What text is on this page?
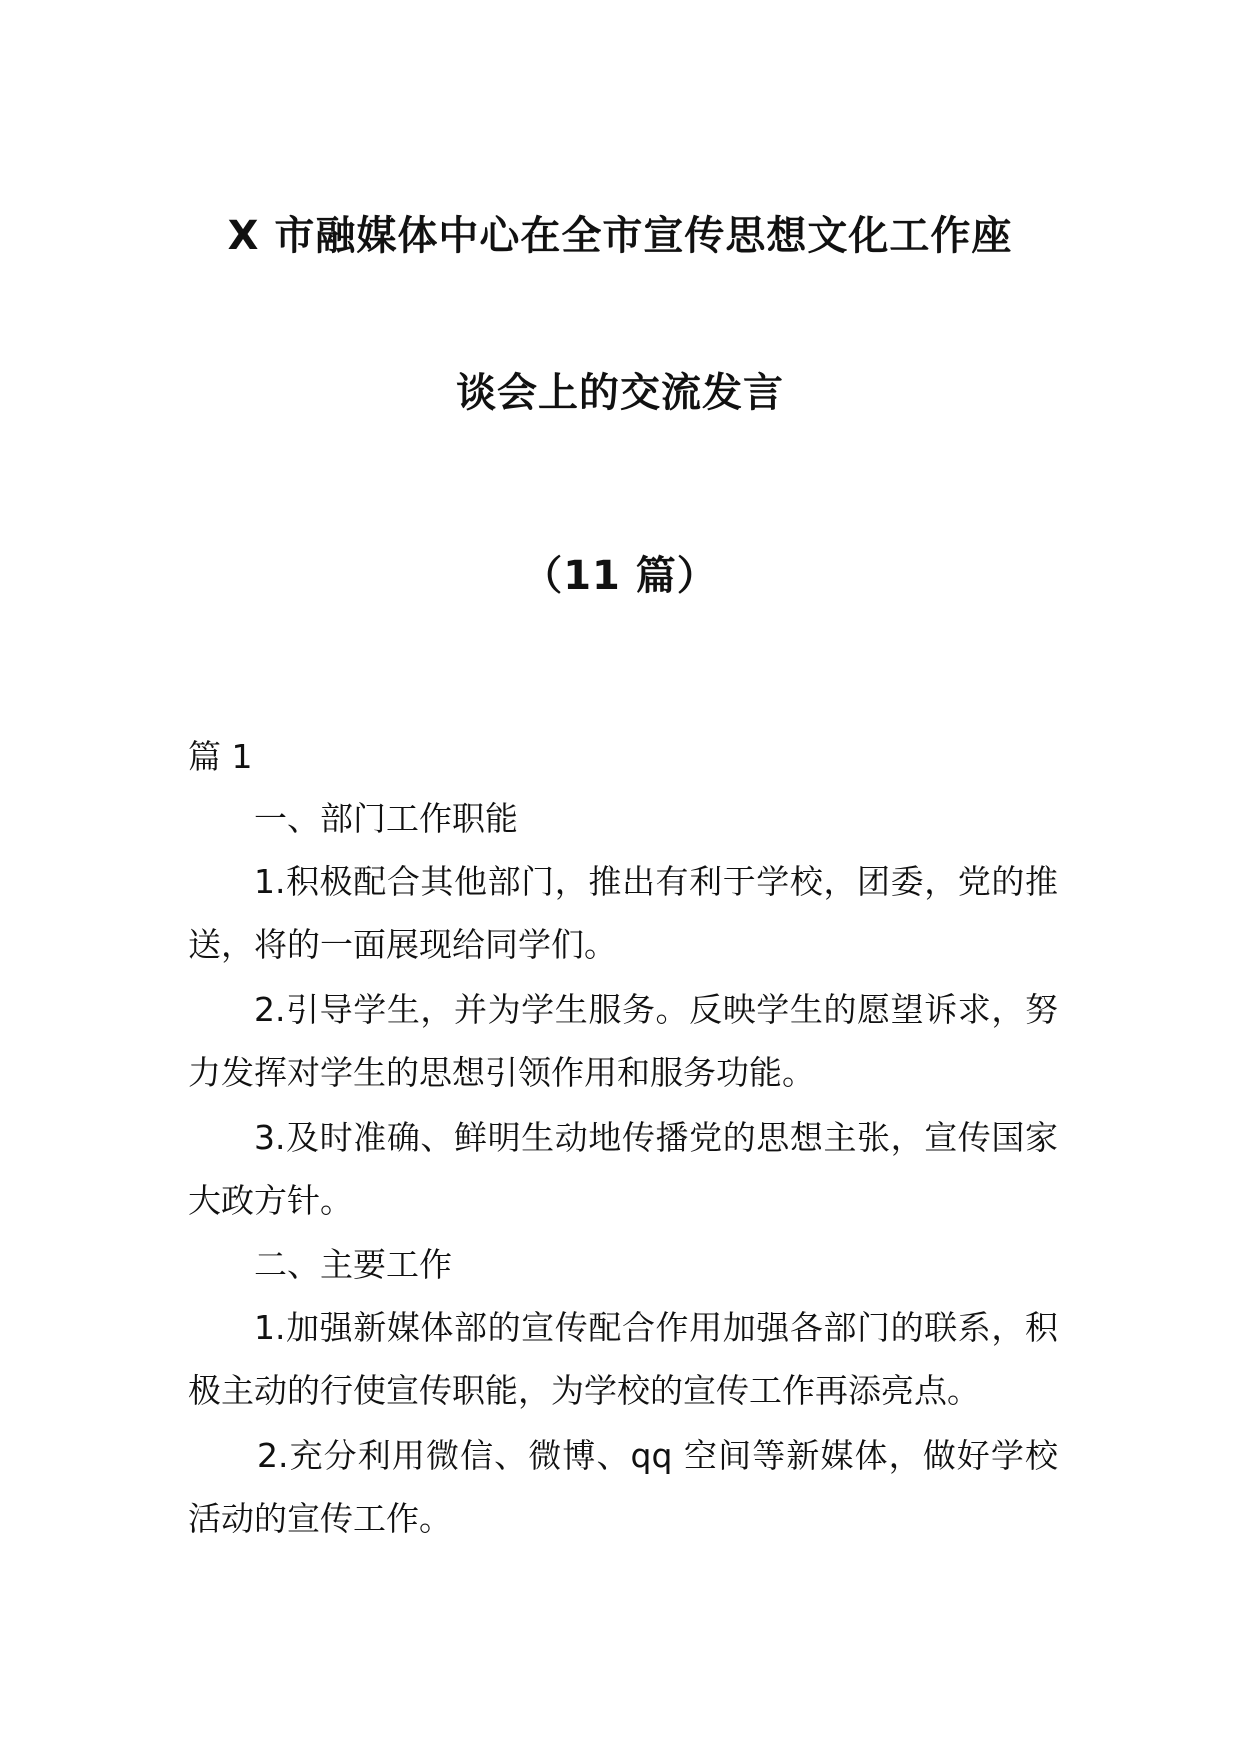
X 市融媒体中心在全市宣传思想文化工作座
谈会上的交流发言
（11 篇）
篇 1
一、部门工作职能
1.积极配合其他部门，推出有利于学校，团委，党的推
送，将的一面展现给同学们。
2.引导学生，并为学生服务。反映学生的愿望诉求，努
力发挥对学生的思想引领作用和服务功能。
3.及时准确、鲜明生动地传播党的思想主张，宣传国家
大政方针。
二、主要工作
1.加强新媒体部的宣传配合作用加强各部门的联系，积
极主动的行使宣传职能，为学校的宣传工作再添亮点。
2.充分利用微信、微博、qq 空间等新媒体，做好学校
活动的宣传工作。
